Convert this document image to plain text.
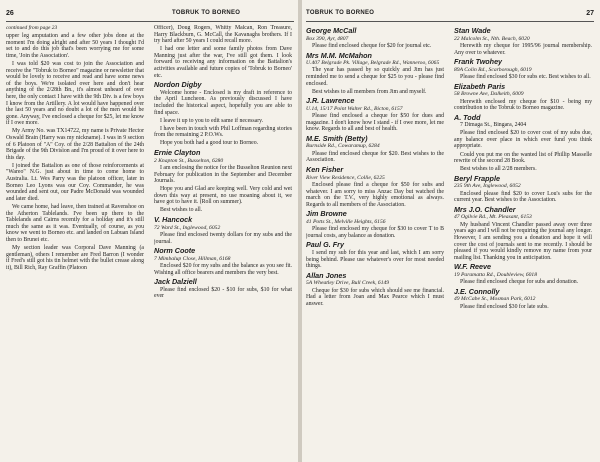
26	TOBRUK TO BORNEO

continued from page 23

upper leg amputation and a few other jobs done at the moment I'm doing alright and after 50 years I thought I'd set to and do this job that's been worrying me for some time, 'Join the Association'.

I was told $20 was cost to join the Association and receive the "Tobruk to Borneo" magazine or newsletter that would be lovely to receive and read and have some news of the boys. We're isolated over here and don't hear anything of the 2/28th Bn., it's almost unheard of over here, the only contact I have with the 9th Div. is a few boys I know from the Artillery. A lot would have happened over the last 50 years and no doubt a lot of the men would be gone. Anyway, I've enclosed a cheque for $25, let me know if I owe more.

My Army No. was TX14722, my name is Private Hector Oswald Brain (Harry was my nickname). I was in 9 section of 6 Platoon of "A" Coy. of the 2/28 Battalion of the 24th Brigade of the 9th Division and I'm proud of it over here to this day.

I joined the Battalion as one of those reinforcements at "Wareo" N.G. just about in time to come home to Australia. Lt. Wes Parry was the platoon officer, later in Borneo Leo Lyons was our Coy. Commander, he was wounded and sent out, our Padre McDonald was wounded and later died.

We came home, had leave, then trained at Ravenshoe on the Atherton Tablelands. I've been up there to the Tablelands and Cairns recently for a holiday and it's still much the same as it was. Eventually, of course, as you know we went to Borneo etc. and landed on Labuan Island then to Brunei etc.

My section leader was Corporal Dave Manning (a gentleman), others I remember are Fred Barron (I wonder if Fred's still got his tin helmet with the bullet crease along it), Bill Rich, Ray Graffin (Platoon

Officer), Doug Rogers, Whitty Malcan, Ron Treasure, Harry Blackburn, G. McCall, the Kavanaghs brothers. If I try hard after 50 years I could recall more.

I had one letter and some family photos from Dave Manning just after the war, I've still got them. I look forward to receiving any information on the Battalion's activities available and future copies of 'Tobruk to Borneo' etc.

Nordon Digby

Welcome home - Enclosed is my draft in reference to the April Luncheon. As previously discussed I have included the historical aspect, hopefully you are able to find space.

I leave it up to you to edit same if necessary.

I have been in touch with Phil Loffman regarding stories from the remaining 2 P.O.Ws.

Hope you both had a good tour to Borneo.

Ernie Clayton

2 Knapton St., Busselton, 6280

I am enclosing the notice for the Busselton Reunion next February for publication in the September and December Journals.

Hope you and Glad are keeping well. Very cold and wet down this way at present, no use moaning about it, we have got to have it. (Roll on summer).

Best wishes to all.

V. Hancock

72 Ward St., Inglewood, 6052

Please find enclosed twenty dollars for my subs and the journal.

Norm Coote

7 Mimbalup Close, Hillman, 6168

Enclosed $20 for my subs and the balance as you see fit. Wishing all office bearers and members the very best.

Jack Dalziell

Please find enclosed $20 - $10 for subs, $10 for what ever

TOBRUK TO BORNEO	27
George McCall

Box 390, Ayr, 4807

Please find enclosed cheque for $20 for journal etc.

Mrs M.M. McMahon

U.407 Belgrade Pk. Village, Belgrade Rd., Wanneroo, 6065

The year has passed by so quickly and Jim has just reminded me to send a cheque for $25 to you - please find enclosed.

Best wishes to all members from Jim and myself.

J.R. Lawrence

U.14, 15/17 Point Walter Rd., Bicton, 6157

Please find enclosed a cheque for $50 for dues and magazine. I don't know how I stand - if I owe more, let me know. Regards to all and best of health.

M.E. Smith (Betty)

Burnside Rd., Cowaramup, 6284

Please find enclosed cheque for $20. Best wishes to the Association.

Ken Fisher

River View Residence, Collie, 6225

Enclosed please find a cheque for $50 for subs and whatever. I am sorry to miss Anzac Day but watched the march on the T.V., very highly emotional as always. Regards to all members of the Association.

Jim Browne

41 Potts St., Melville Heights, 6156

Please find enclosed my cheque for $30 to cover T to B journal costs, any balance as donation.

Paul G. Fry

I send my sub for this year and last, which I am sorry being behind. Please use whatever's over for most needed things.

Allan Jones

5A Wheatley Drive, Bull Creek, 6149

Cheque for $30 for subs which should see me financial. Had a letter from Joan and Max Pearce which I must answer.

Stan Wade

22 Malcolm St., Nth. Beach, 6020

Herewith my cheque for 1995/96 journal membership. Any over to whatever.

Frank Twohey

89A Colin Rd., Scarborough, 6019

Please find enclosed $30 for subs etc. Best wishes to all.

Elizabeth Paris

58 Browne Ave, Dalkeith, 6009

Herewith enclosed my cheque for $10 - being my contribution to the Tobruk to Borneo magazine.

A. Todd

7 Dimaga St., Bingara, 2404

Please find enclosed $20 to cover cost of my subs due, any balance over place in which ever fund you think appropriate.

Could you put me on the wanted list of Phillip Masselle rewrite of the second 28 Book.

Best wishes to all 2/28 members.

Beryl Frapple

235 9th Ave, Inglewood, 6052

Enclosed please find $20 to cover Lou's subs for the current year. Best wishes to the Association.

Mrs J.O. Chandler

47 Ogilvie Rd., Mt. Pleasant, 6153

My husband Vincent Chandler passed away over three years ago and I will not be requiring the journal any longer. However, I am sending you a donation and hope it will cover the cost of journals sent to me recently. I should be pleased if you would kindly remove my name from your mailing list. Thanking you in anticipation.

W.F. Reeve

19 Paramatta Rd., Doubleview, 6018

Please find enclosed cheque for subs and donation.

J.E. Connolly

49 McCabe St., Mosman Park, 6012

Please find enclosed $30 for late subs.
